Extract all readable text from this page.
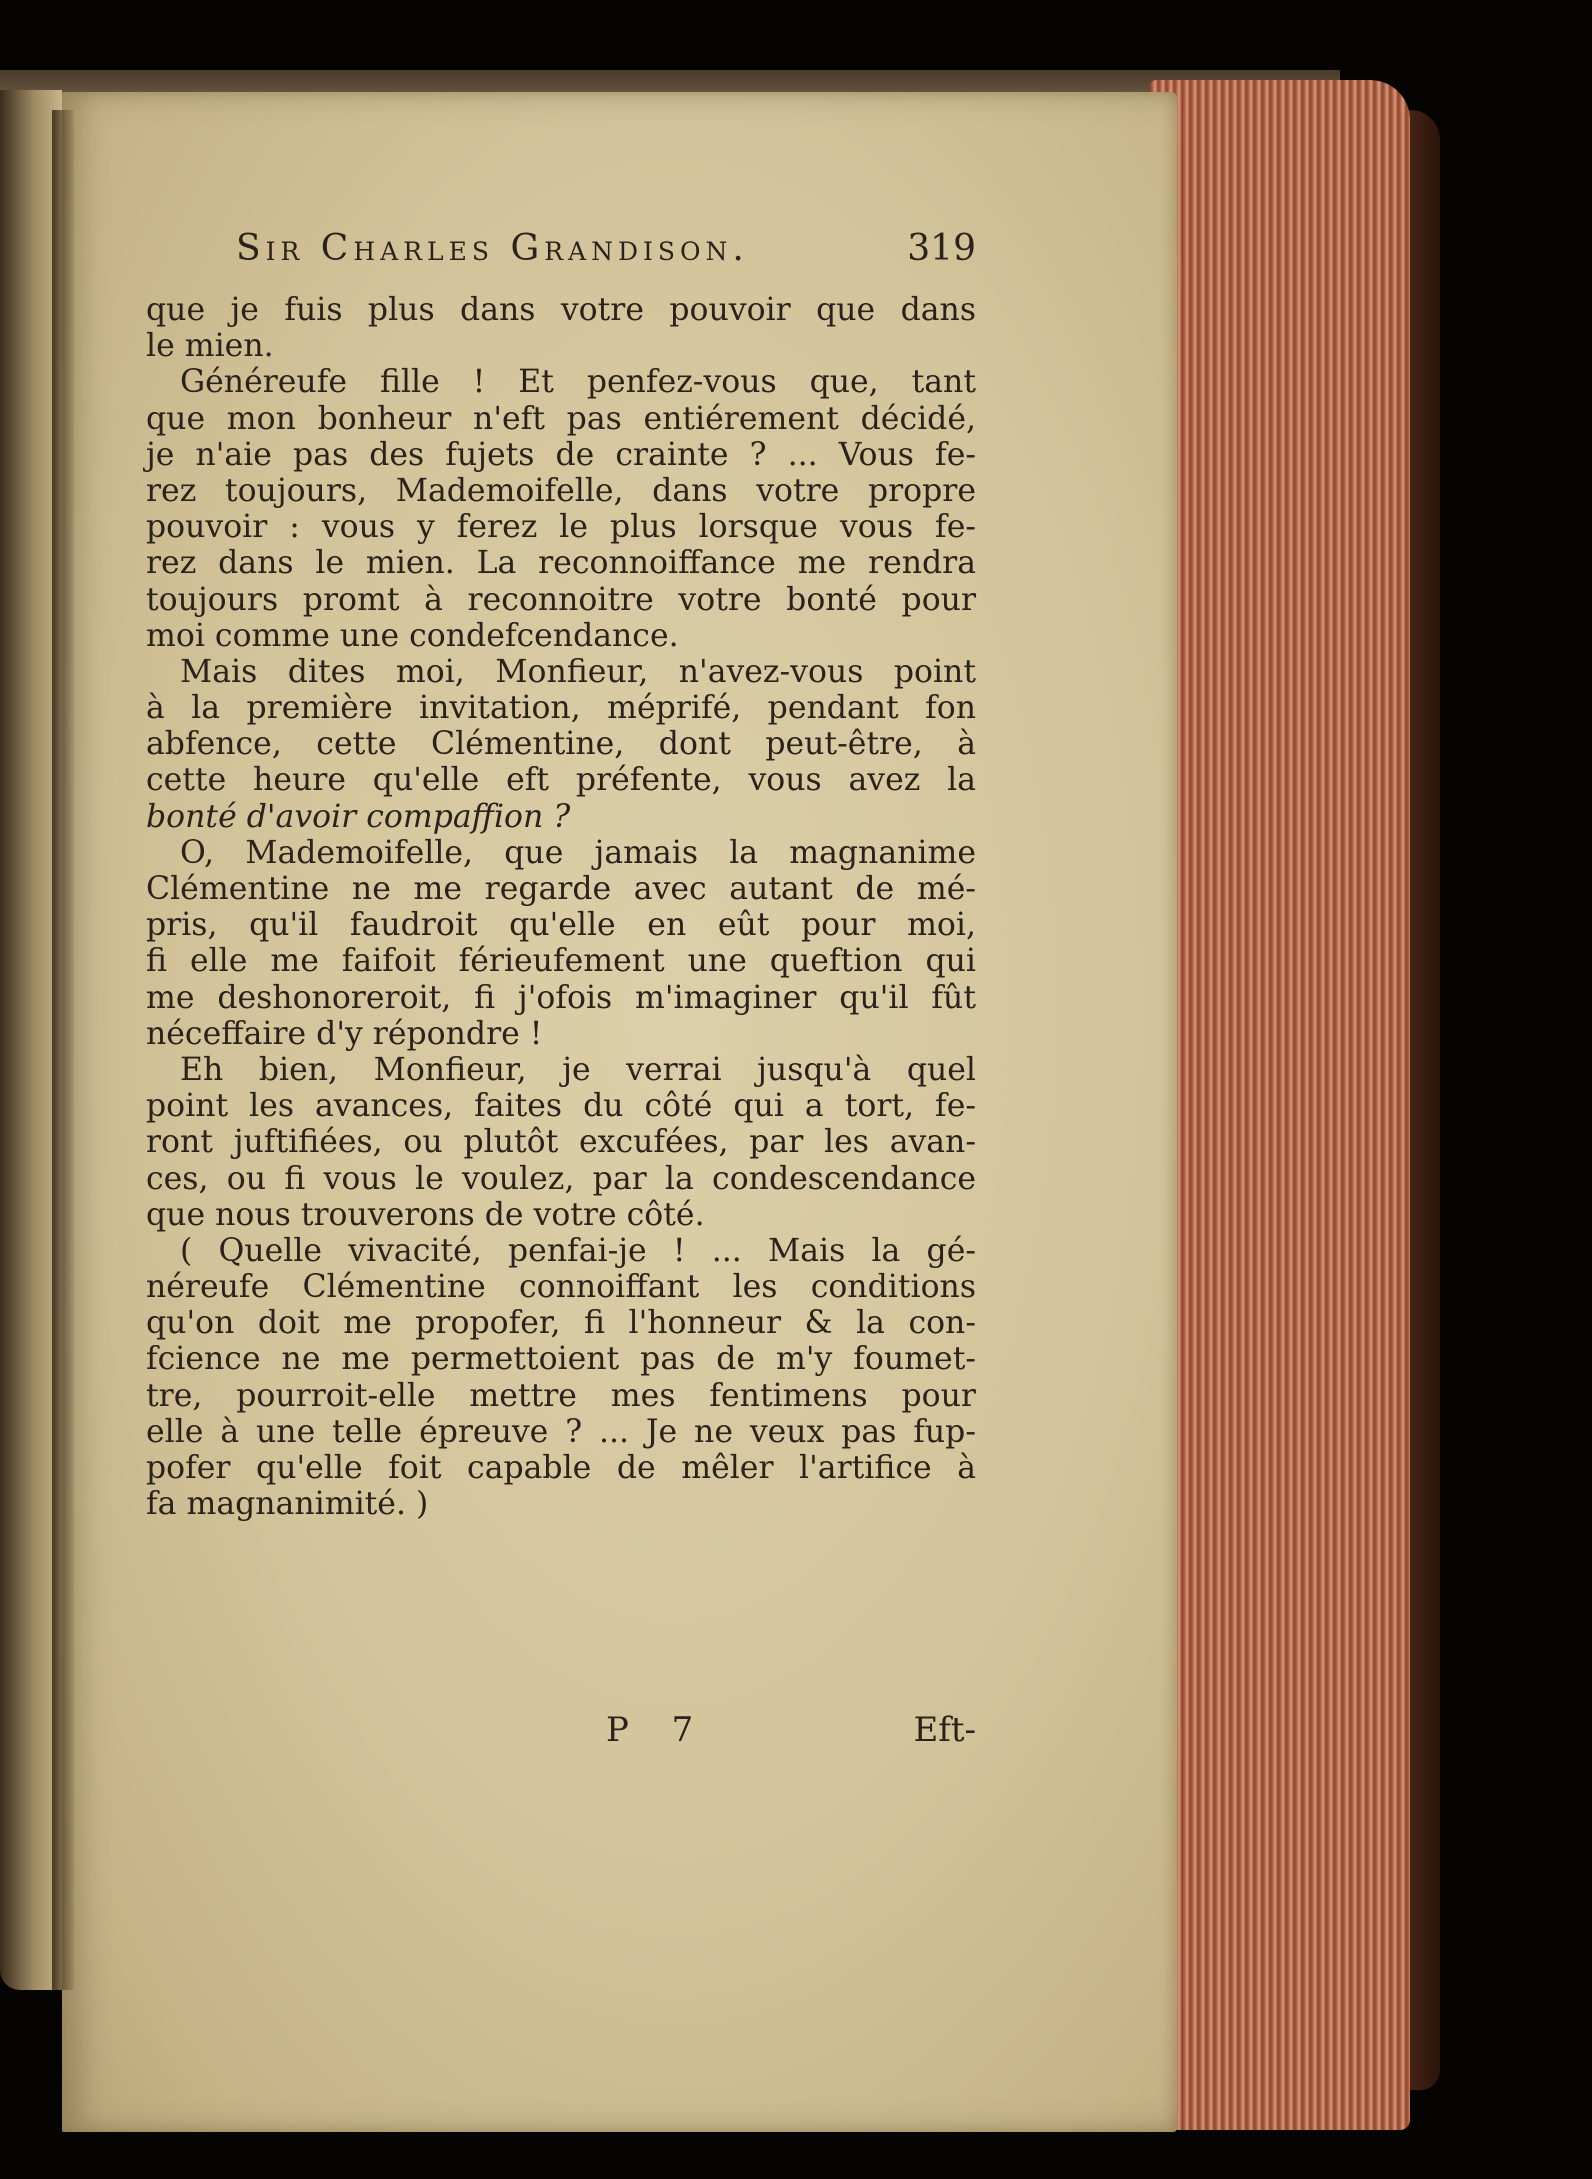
Sir Charles Grandison.	319
que je fuis plus dans votre pouvoir que dans
le mien.
Généreufe fille ! Et penfez-vous que, tant
que mon bonheur n'eft pas entiérement décidé,
je n'aie pas des fujets de crainte ? ... Vous fe-
rez toujours, Mademoifelle, dans votre propre
pouvoir : vous y ferez le plus lorsque vous fe-
rez dans le mien. La reconnoiffance me rendra
toujours promt à reconnoitre votre bonté pour
moi comme une condefcendance.
Mais dites moi, Monfieur, n'avez-vous point
à la première invitation, méprifé, pendant fon
abfence, cette Clémentine, dont peut-être, à
cette heure qu'elle eft préfente, vous avez la
bonté d'avoir compaffion ?
O, Mademoifelle, que jamais la magnanime
Clémentine ne me regarde avec autant de mé-
pris, qu'il faudroit qu'elle en eût pour moi,
fi elle me faifoit férieufement une queftion qui
me deshonoreroit, fi j'ofois m'imaginer qu'il fût
néceffaire d'y répondre !
Eh bien, Monfieur, je verrai jusqu'à quel
point les avances, faites du côté qui a tort, fe-
ront juftifiées, ou plutôt excufées, par les avan-
ces, ou fi vous le voulez, par la condescendance
que nous trouverons de votre côté.
( Quelle vivacité, penfai-je ! ... Mais la gé-
néreufe Clémentine connoiffant les conditions
qu'on doit me propofer, fi l'honneur & la con-
fcience ne me permettoient pas de m'y foumet-
tre, pourroit-elle mettre mes fentimens pour
elle à une telle épreuve ? ... Je ne veux pas fup-
pofer qu'elle foit capable de mêler l'artifice à
fa magnanimité. )
P 7	Eft-
